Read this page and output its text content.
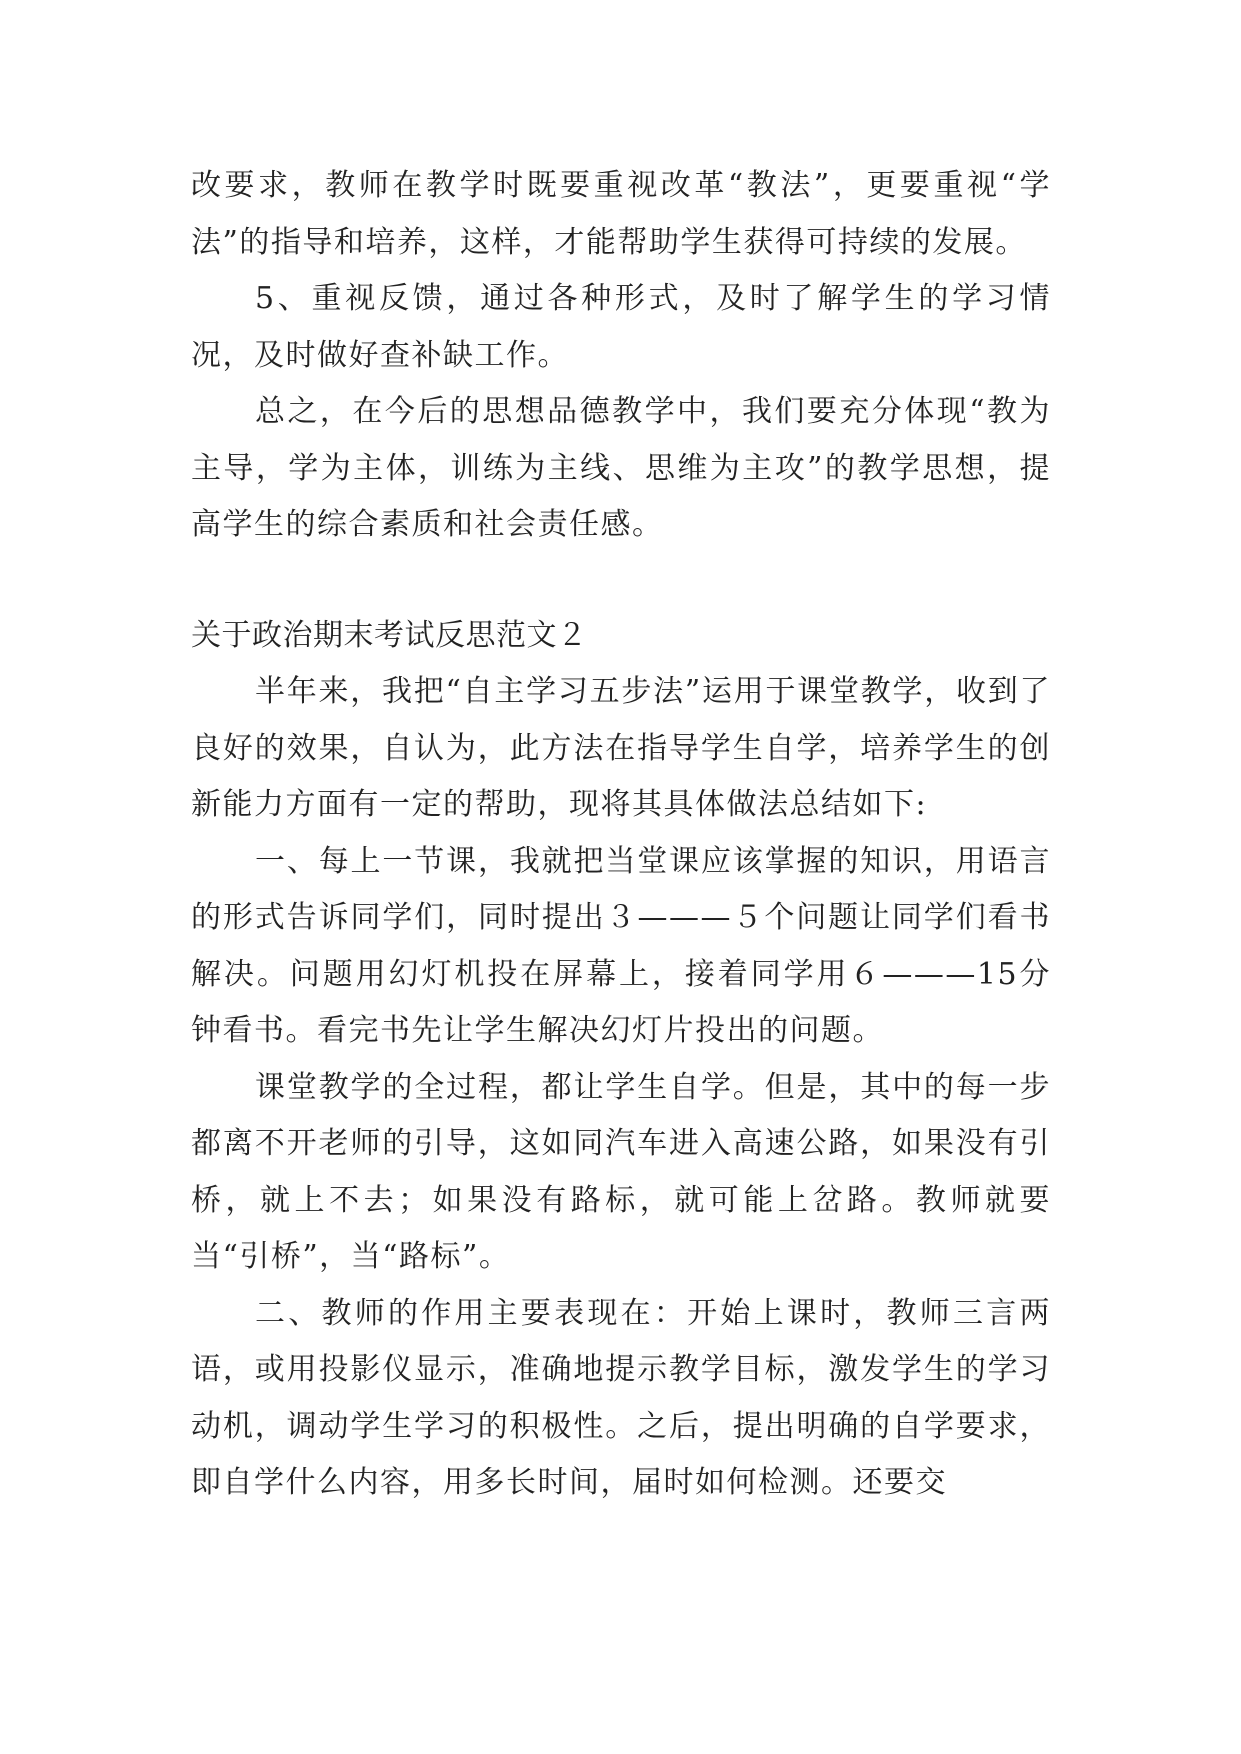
改要求，教师在教学时既要重视改革“教法”，更要重视“学法”的指导和培养，这样，才能帮助学生获得可持续的发展。

5、重视反馈，通过各种形式，及时了解学生的学习情况，及时做好查补缺工作。

总之，在今后的思想品德教学中，我们要充分体现“教为主导，学为主体，训练为主线、思维为主攻”的教学思想，提高学生的综合素质和社会责任感。

关于政治期末考试反思范文２

半年来，我把“自主学习五步法”运用于课堂教学，收到了良好的效果，自认为，此方法在指导学生自学，培养学生的创新能力方面有一定的帮助，现将其具体做法总结如下:

一、每上一节课，我就把当堂课应该掌握的知识，用语言的形式告诉同学们，同时提出３———５个问题让同学们看书解决。问题用幻灯机投在屏幕上，接着同学用６———15分钟看书。看完书先让学生解决幻灯片投出的问题。

课堂教学的全过程，都让学生自学。但是，其中的每一步都离不开老师的引导，这如同汽车进入高速公路，如果没有引桥，就上不去；如果没有路标，就可能上岔路。教师就要当“引桥”，当“路标”。

二、教师的作用主要表现在：开始上课时，教师三言两语，或用投影仪显示，准确地提示教学目标，激发学生的学习动机，调动学生学习的积极性。之后，提出明确的自学要求，即自学什么内容，用多长时间，届时如何检测。还要交
